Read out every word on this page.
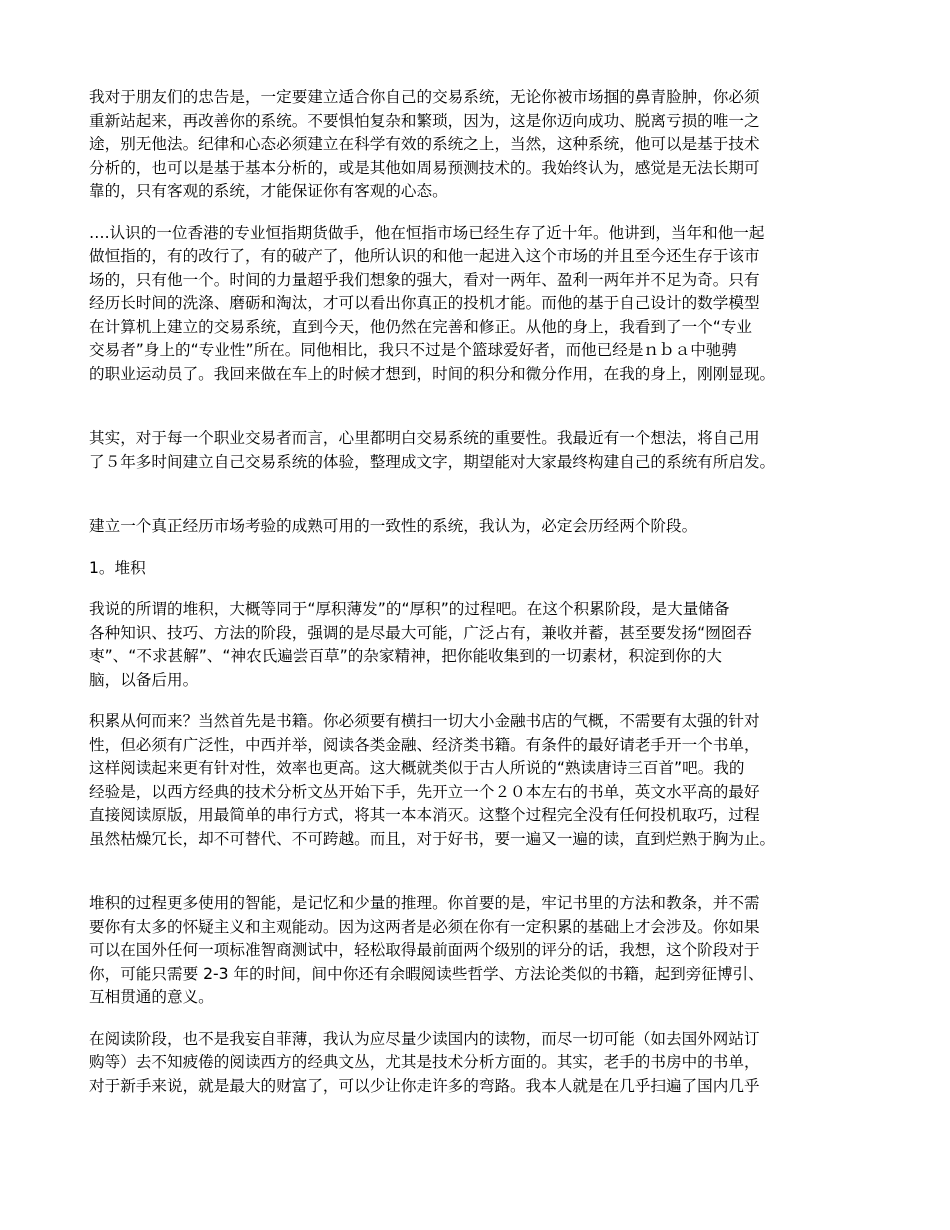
我对于朋友们的忠告是，一定要建立适合你自己的交易系统，无论你被市场掴的鼻青脸肿，你必须
重新站起来，再改善你的系统。不要惧怕复杂和繁琐，因为，这是你迈向成功、脱离亏损的唯一之
途，别无他法。纪律和心态必须建立在科学有效的系统之上，当然，这种系统，他可以是基于技术
分析的，也可以是基于基本分析的，或是其他如周易预测技术的。我始终认为，感觉是无法长期可
靠的，只有客观的系统，才能保证你有客观的心态。

….认识的一位香港的专业恒指期货做手，他在恒指市场已经生存了近十年。他讲到，当年和他一起
做恒指的，有的改行了，有的破产了，他所认识的和他一起进入这个市场的并且至今还生存于该市
场的，只有他一个。时间的力量超乎我们想象的强大，看对一两年、盈利一两年并不足为奇。只有
经历长时间的洗涤、磨砺和淘汰，才可以看出你真正的投机才能。而他的基于自己设计的数学模型
在计算机上建立的交易系统，直到今天，他仍然在完善和修正。从他的身上，我看到了一个“专业
交易者”身上的“专业性”所在。同他相比，我只不过是个篮球爱好者，而他已经是ｎｂａ中驰骋
的职业运动员了。我回来做在车上的时候才想到，时间的积分和微分作用，在我的身上，刚刚显现。

其实，对于每一个职业交易者而言，心里都明白交易系统的重要性。我最近有一个想法，将自己用
了５年多时间建立自己交易系统的体验，整理成文字，期望能对大家最终构建自己的系统有所启发。

建立一个真正经历市场考验的成熟可用的一致性的系统，我认为，必定会历经两个阶段。

1。堆积

我说的所谓的堆积，大概等同于“厚积薄发”的“厚积”的过程吧。在这个积累阶段，是大量储备
各种知识、技巧、方法的阶段，强调的是尽最大可能，广泛占有，兼收并蓄，甚至要发扬“囫囵吞
枣”、“不求甚解”、“神农氏遍尝百草”的杂家精神，把你能收集到的一切素材，积淀到你的大
脑，以备后用。

积累从何而来？当然首先是书籍。你必须要有横扫一切大小金融书店的气概，不需要有太强的针对
性，但必须有广泛性，中西并举，阅读各类金融、经济类书籍。有条件的最好请老手开一个书单，
这样阅读起来更有针对性，效率也更高。这大概就类似于古人所说的“熟读唐诗三百首”吧。我的
经验是，以西方经典的技术分析文丛开始下手，先开立一个２０本左右的书单，英文水平高的最好
直接阅读原版，用最简单的串行方式，将其一本本消灭。这整个过程完全没有任何投机取巧，过程
虽然枯燥冗长，却不可替代、不可跨越。而且，对于好书，要一遍又一遍的读，直到烂熟于胸为止。

堆积的过程更多使用的智能，是记忆和少量的推理。你首要的是，牢记书里的方法和教条，并不需
要你有太多的怀疑主义和主观能动。因为这两者是必须在你有一定积累的基础上才会涉及。你如果
可以在国外任何一项标准智商测试中，轻松取得最前面两个级别的评分的话，我想，这个阶段对于
你，可能只需要 2-3 年的时间，间中你还有余暇阅读些哲学、方法论类似的书籍，起到旁征博引、
互相贯通的意义。

在阅读阶段，也不是我妄自菲薄，我认为应尽量少读国内的读物，而尽一切可能（如去国外网站订
购等）去不知疲倦的阅读西方的经典文丛，尤其是技术分析方面的。其实，老手的书房中的书单，
对于新手来说，就是最大的财富了，可以少让你走许多的弯路。我本人就是在几乎扫遍了国内几乎
